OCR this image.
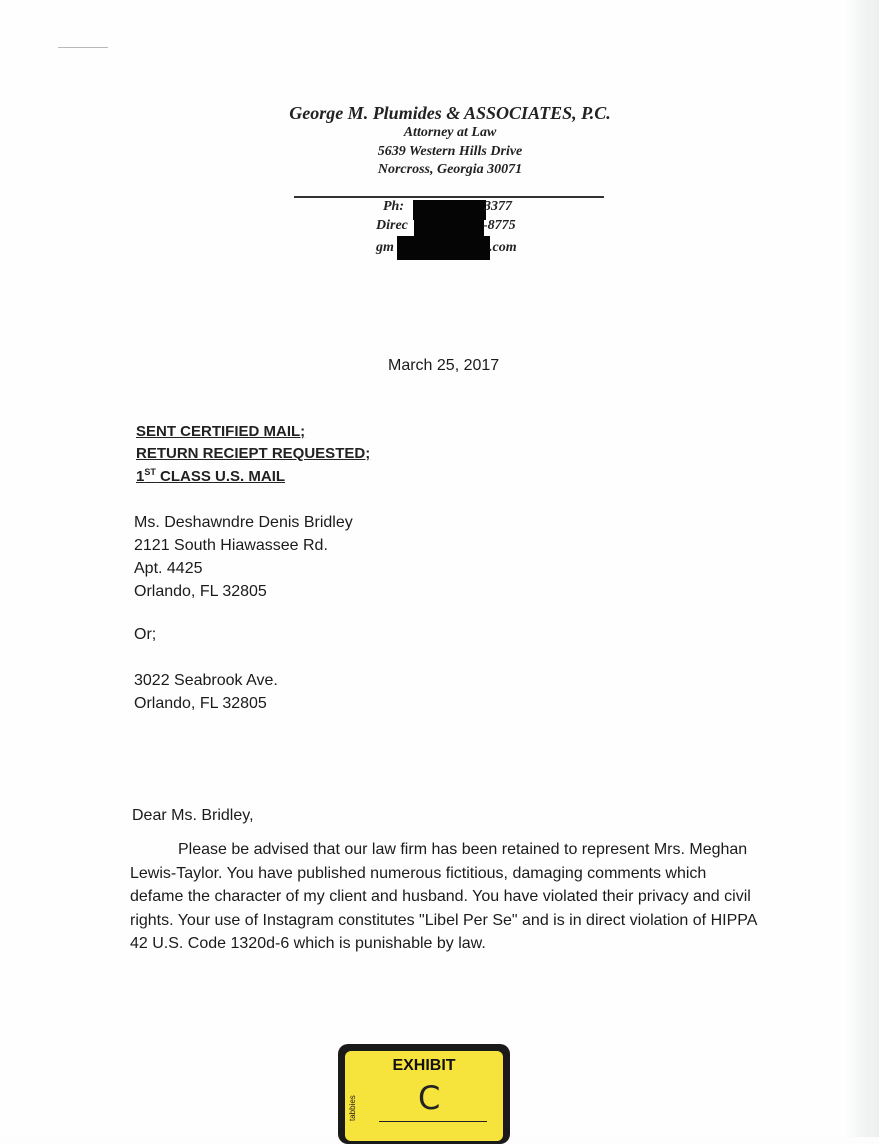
George M. Plumides & ASSOCIATES, P.C.
Attorney at Law
5639 Western Hills Drive
Norcross, Georgia 30071
Ph:	3377
Direc	-8775
gm	.com
March 25, 2017
SENT CERTIFIED MAIL;
RETURN RECIEPT REQUESTED;
1ST CLASS U.S. MAIL
Ms. Deshawndre Denis Bridley
2121 South Hiawassee Rd.
Apt. 4425
Orlando, FL 32805
Or;
3022 Seabrook Ave.
Orlando, FL 32805
Dear Ms. Bridley,
Please be advised that our law firm has been retained to represent Mrs. Meghan Lewis-Taylor. You have published numerous fictitious, damaging comments which defame the character of my client and husband. You have violated their privacy and civil rights. Your use of Instagram constitutes "Libel Per Se" and is in direct violation of HIPPA 42 U.S. Code 1320d-6 which is punishable by law.
EXHIBIT
tabbies C
